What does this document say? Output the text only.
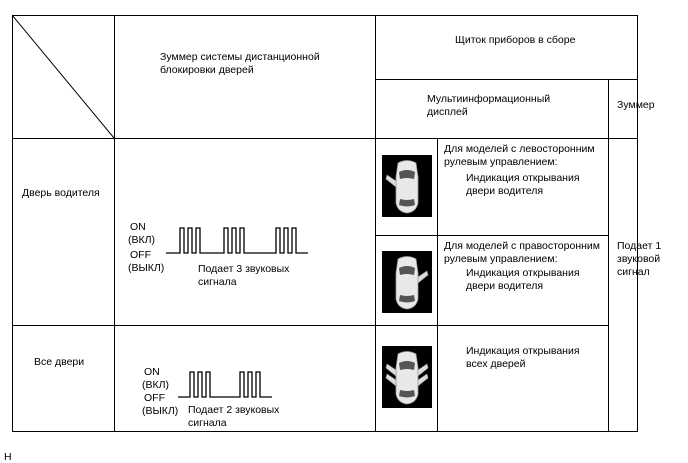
Зуммер системы дистанционной
блокировки дверей
Щиток приборов в сборе
Мультиинформационный
дисплей
Зуммер
Дверь водителя
Все двери
ON
(ВКЛ)
OFF
(ВЫКЛ)	Подает 3 звуковых
сигнала
ON
(ВКЛ)
OFF
(ВЫКЛ) Подает 2 звуковых
сигнала
Для моделей с левосторонним
рулевым управлением:
Индикация открывания
двери водителя
Для моделей с правосторонним
рулевым управлением:
Индикация открывания
двери водителя
Индикация открывания
всех дверей
Подает 1
звуковой
сигнал
H
